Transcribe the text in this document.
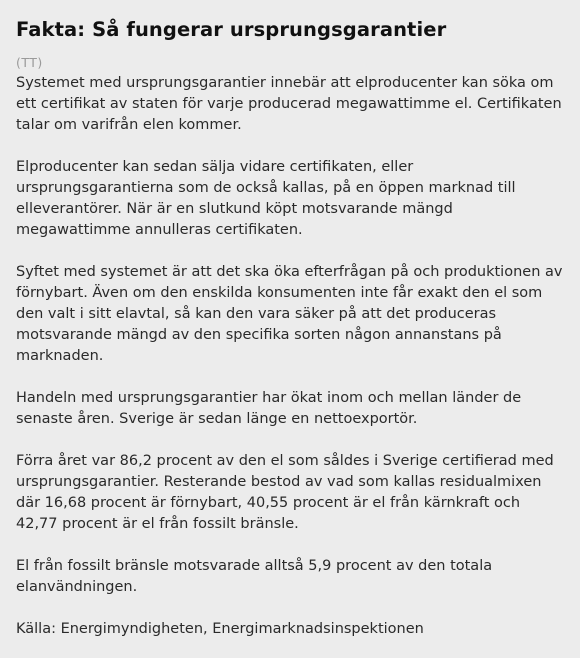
Fakta: Så fungerar ursprungsgarantier
(TT)

Systemet med ursprungsgarantier innebär att elproducenter kan söka om ett certifikat av staten för varje producerad megawattimme el. Certifikaten talar om varifrån elen kommer.

Elproducenter kan sedan sälja vidare certifikaten, eller ursprungsgarantierna som de också kallas, på en öppen marknad till elleverantörer. När är en slutkund köpt motsvarande mängd megawattimme annulleras certifikaten.

Syftet med systemet är att det ska öka efterfrågan på och produktionen av förnybart. Även om den enskilda konsumenten inte får exakt den el som den valt i sitt elavtal, så kan den vara säker på att det produceras motsvarande mängd av den specifika sorten någon annanstans på marknaden.

Handeln med ursprungsgarantier har ökat inom och mellan länder de senaste åren. Sverige är sedan länge en nettoexportör.

Förra året var 86,2 procent av den el som såldes i Sverige certifierad med ursprungsgarantier. Resterande bestod av vad som kallas residualmixen där 16,68 procent är förnybart, 40,55 procent är el från kärnkraft och 42,77 procent är el från fossilt bränsle.

El från fossilt bränsle motsvarade alltså 5,9 procent av den totala elanvändningen.

Källa: Energimyndigheten, Energimarknadsinspektionen
